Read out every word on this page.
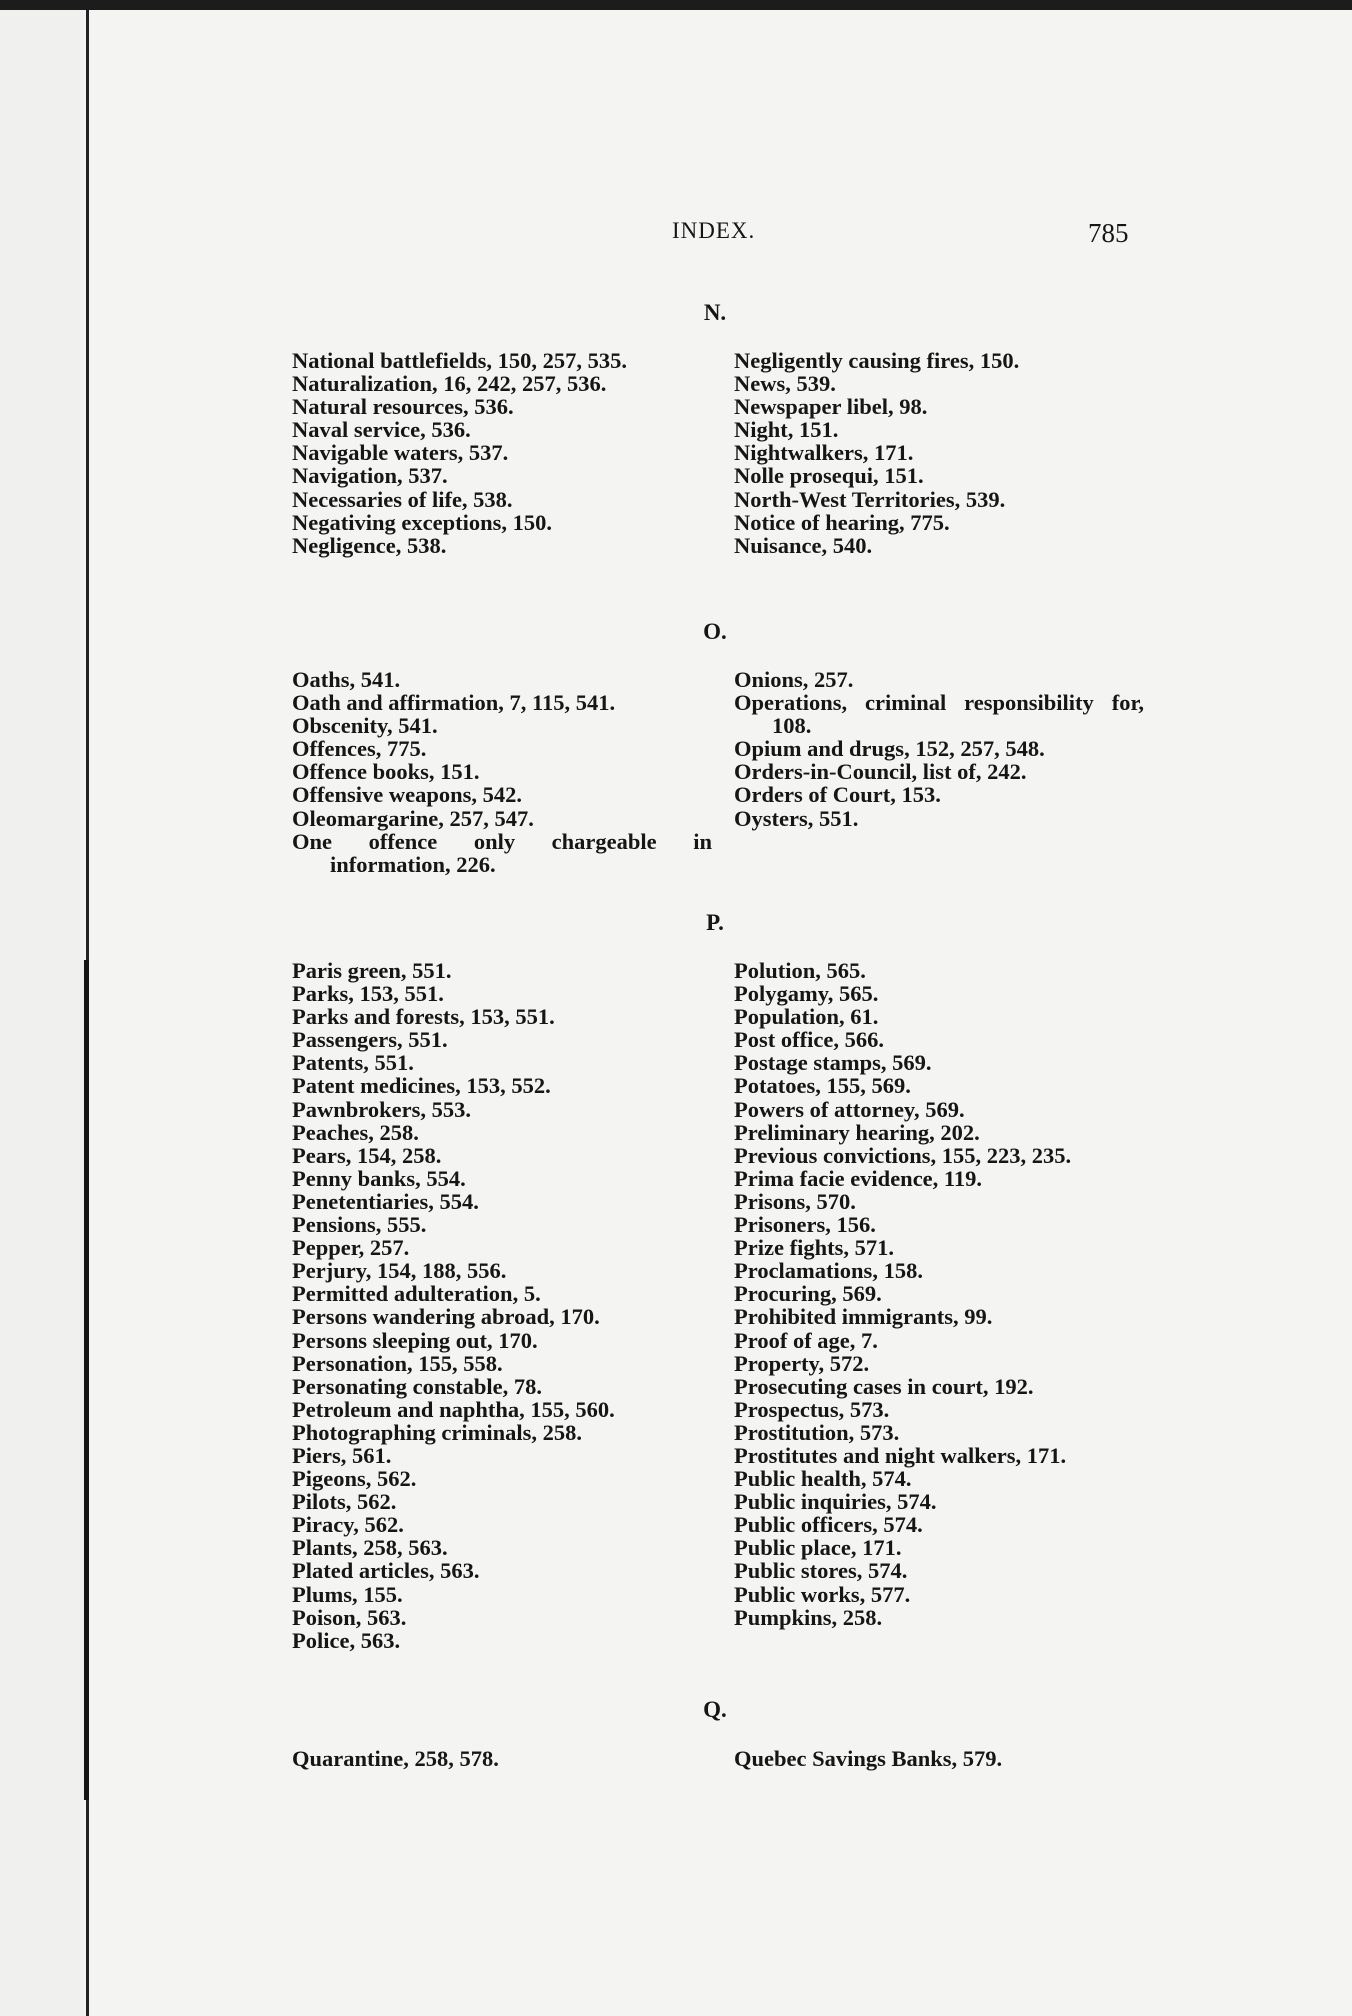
INDEX.	785
N.
National battlefields, 150, 257, 535.
Naturalization, 16, 242, 257, 536.
Natural resources, 536.
Naval service, 536.
Navigable waters, 537.
Navigation, 537.
Necessaries of life, 538.
Negativing exceptions, 150.
Negligence, 538.
Negligently causing fires, 150.
News, 539.
Newspaper libel, 98.
Night, 151.
Nightwalkers, 171.
Nolle prosequi, 151.
North-West Territories, 539.
Notice of hearing, 775.
Nuisance, 540.
O.
Oaths, 541.
Oath and affirmation, 7, 115, 541.
Obscenity, 541.
Offences, 775.
Offence books, 151.
Offensive weapons, 542.
Oleomargarine, 257, 547.
One offence only chargeable in information, 226.
Onions, 257.
Operations, criminal responsibility for, 108.
Opium and drugs, 152, 257, 548.
Orders-in-Council, list of, 242.
Orders of Court, 153.
Oysters, 551.
P.
Paris green, 551.
Parks, 153, 551.
Parks and forests, 153, 551.
Passengers, 551.
Patents, 551.
Patent medicines, 153, 552.
Pawnbrokers, 553.
Peaches, 258.
Pears, 154, 258.
Penny banks, 554.
Penetentiaries, 554.
Pensions, 555.
Pepper, 257.
Perjury, 154, 188, 556.
Permitted adulteration, 5.
Persons wandering abroad, 170.
Persons sleeping out, 170.
Personation, 155, 558.
Personating constable, 78.
Petroleum and naphtha, 155, 560.
Photographing criminals, 258.
Piers, 561.
Pigeons, 562.
Pilots, 562.
Piracy, 562.
Plants, 258, 563.
Plated articles, 563.
Plums, 155.
Poison, 563.
Police, 563.
Polution, 565.
Polygamy, 565.
Population, 61.
Post office, 566.
Postage stamps, 569.
Potatoes, 155, 569.
Powers of attorney, 569.
Preliminary hearing, 202.
Previous convictions, 155, 223, 235.
Prima facie evidence, 119.
Prisons, 570.
Prisoners, 156.
Prize fights, 571.
Proclamations, 158.
Procuring, 569.
Prohibited immigrants, 99.
Proof of age, 7.
Property, 572.
Prosecuting cases in court, 192.
Prospectus, 573.
Prostitution, 573.
Prostitutes and night walkers, 171.
Public health, 574.
Public inquiries, 574.
Public officers, 574.
Public place, 171.
Public stores, 574.
Public works, 577.
Pumpkins, 258.
Q.
Quarantine, 258, 578.	Quebec Savings Banks, 579.
